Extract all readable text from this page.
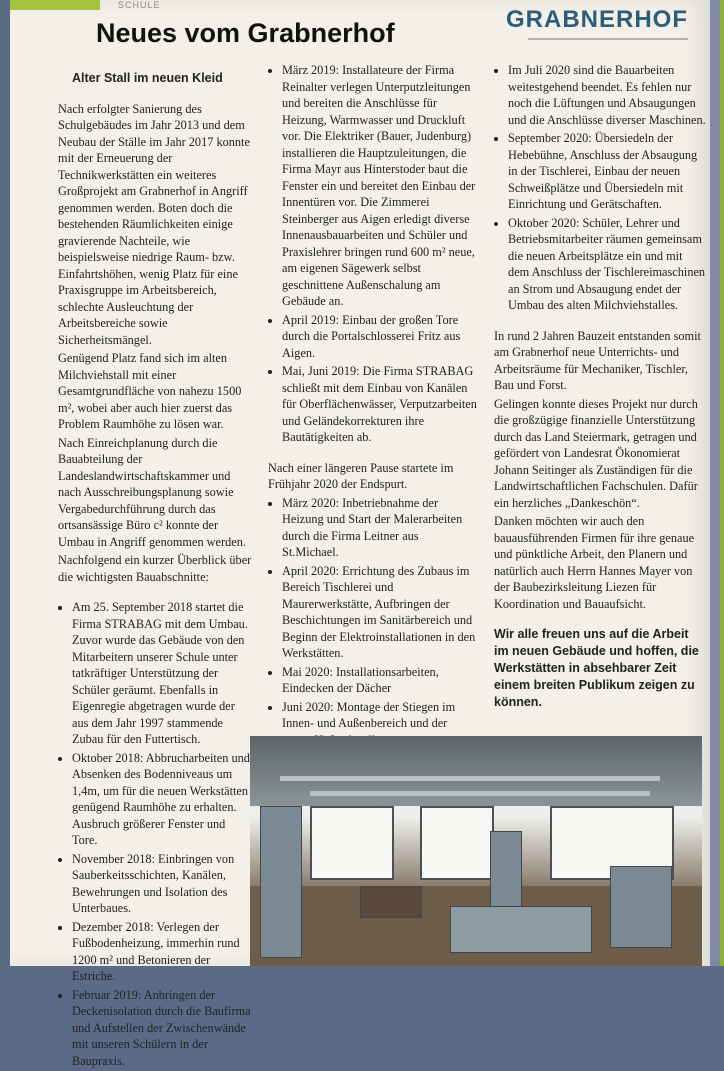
SCHULE
GRABNERHOF
Neues vom Grabnerhof
Alter Stall im neuen Kleid

Nach erfolgter Sanierung des Schulgebäudes im Jahr 2013 und dem Neubau der Ställe im Jahr 2017 konnte mit der Erneuerung der Technikwerkstätten ein weiteres Großprojekt am Grabnerhof in Angriff genommen werden. Boten doch die bestehenden Räumlichkeiten einige gravierende Nachteile, wie beispielsweise niedrige Raum- bzw. Einfahrtshöhen, wenig Platz für eine Praxisgruppe im Arbeitsbereich, schlechte Ausleuchtung der Arbeitsbereiche sowie Sicherheitsmängel.

Genügend Platz fand sich im alten Milchviehstall mit einer Gesamtgrundfläche von nahezu 1500 m², wobei aber auch hier zuerst das Problem Raumhöhe zu lösen war.

Nach Einreichplanung durch die Bauabteilung der Landeslandwirtschaftskammer und nach Ausschreibungsplanung sowie Vergabedurchführung durch das ortsansässige Büro c² konnte der Umbau in Angriff genommen werden.

Nachfolgend ein kurzer Überblick über die wichtigsten Bauabschnitte:

• Am 25. September 2018 startet die Firma STRABAG mit dem Umbau. Zuvor wurde das Gebäude von den Mitarbeitern unserer Schule unter tatkräftiger Unterstützung der Schüler geräumt. Ebenfalls in Eigenregie abgetragen wurde der aus dem Jahr 1997 stammende Zubau für den Futtertisch.
• Oktober 2018: Abbrucharbeiten und Absenken des Bodenniveaus um 1,4m, um für die neuen Werkstätten genügend Raumhöhe zu erhalten. Ausbruch größerer Fenster und Tore.
• November 2018: Einbringen von Sauberkeitsschichten, Kanälen, Bewehrungen und Isolation des Unterbaues.
• Dezember 2018: Verlegen der Fußbodenheizung, immerhin rund 1200 m² und Betonieren der Estriche.
• Februar 2019: Anbringen der Deckenisolation durch die Baufirma und Aufstellen der Zwischenwände mit unseren Schülern in der Baupraxis.
• März 2019: Installateure der Firma Reinalter verlegen Unterputzleitungen und bereiten die Anschlüsse für Heizung, Warmwasser und Druckluft vor. Die Elektriker (Bauer, Judenburg) installieren die Hauptzuleitungen, die Firma Mayr aus Hinterstoder baut die Fenster ein und bereitet den Einbau der Innentüren vor. Die Zimmerei Steinberger aus Aigen erledigt diverse Innenausbauarbeiten und Schüler und Praxislehrer bringen rund 600 m² neue, am eigenen Sägewerk selbst geschnittene Außenschalung am Gebäude an.
• April 2019: Einbau der großen Tore durch die Portalschlosserei Fritz aus Aigen.
• Mai, Juni 2019: Die Firma STRABAG schließt mit dem Einbau von Kanälen für Oberflächenwässer, Verputzarbeiten und Geländekorrekturen ihre Bautätigkeiten ab.

Nach einer längeren Pause startete im Frühjahr 2020 der Endspurt.

• März 2020: Inbetriebnahme der Heizung und Start der Malerarbeiten durch die Firma Leitner aus St.Michael.
• April 2020: Errichtung des Zubaus im Bereich Tischlerei und Maurerwerkstätte, Aufbringen der Beschichtungen im Sanitärbereich und Beginn der Elektroinstallationen in den Werkstätten.
• Mai 2020: Installationsarbeiten, Eindecken der Dächer
• Juni 2020: Montage der Stiegen im Innen- und Außenbereich und der
• Im Juli 2020 sind die Bauarbeiten weitestgehend beendet. Es fehlen nur noch die Lüftungen und Absaugungen und die Anschlüsse diverser Maschinen.
• September 2020: Übersiedeln der Hebebühne, Anschluss der Absaugung in der Tischlerei, Einbau der neuen Schweißplätze und Übersiedeln mit Einrichtung und Gerätschaften.
• Oktober 2020: Schüler, Lehrer und Betriebsmitarbeiter räumen gemeinsam die neuen Arbeitsplätze ein und mit dem Anschluss der Tischlereimaschinen an Strom und Absaugung endet der Umbau des alten Milchviehstalles.

In rund 2 Jahren Bauzeit entstanden somit am Grabnerhof neue Unterrichts- und Arbeitsräume für Mechaniker, Tischler, Bau und Forst.

Gelingen konnte dieses Projekt nur durch die großzügige finanzielle Unterstützung durch das Land Steiermark, getragen und gefördert von Landesrat Ökonomierat Johann Seitinger als Zuständigen für die Landwirtschaftlichen Fachschulen. Dafür ein herzliches „Dankeschön“.

Danken möchten wir auch den bauausführenden Firmen für ihre genaue und pünktliche Arbeit, den Planern und natürlich auch Herrn Hannes Mayer von der Baubezirksleitung Liezen für Koordination und Bauaufsicht.

Wir alle freuen uns auf die Arbeit im neuen Gebäude und hoffen, die Werkstätten in absehbarer Zeit einem breiten Publikum zeigen zu können.
